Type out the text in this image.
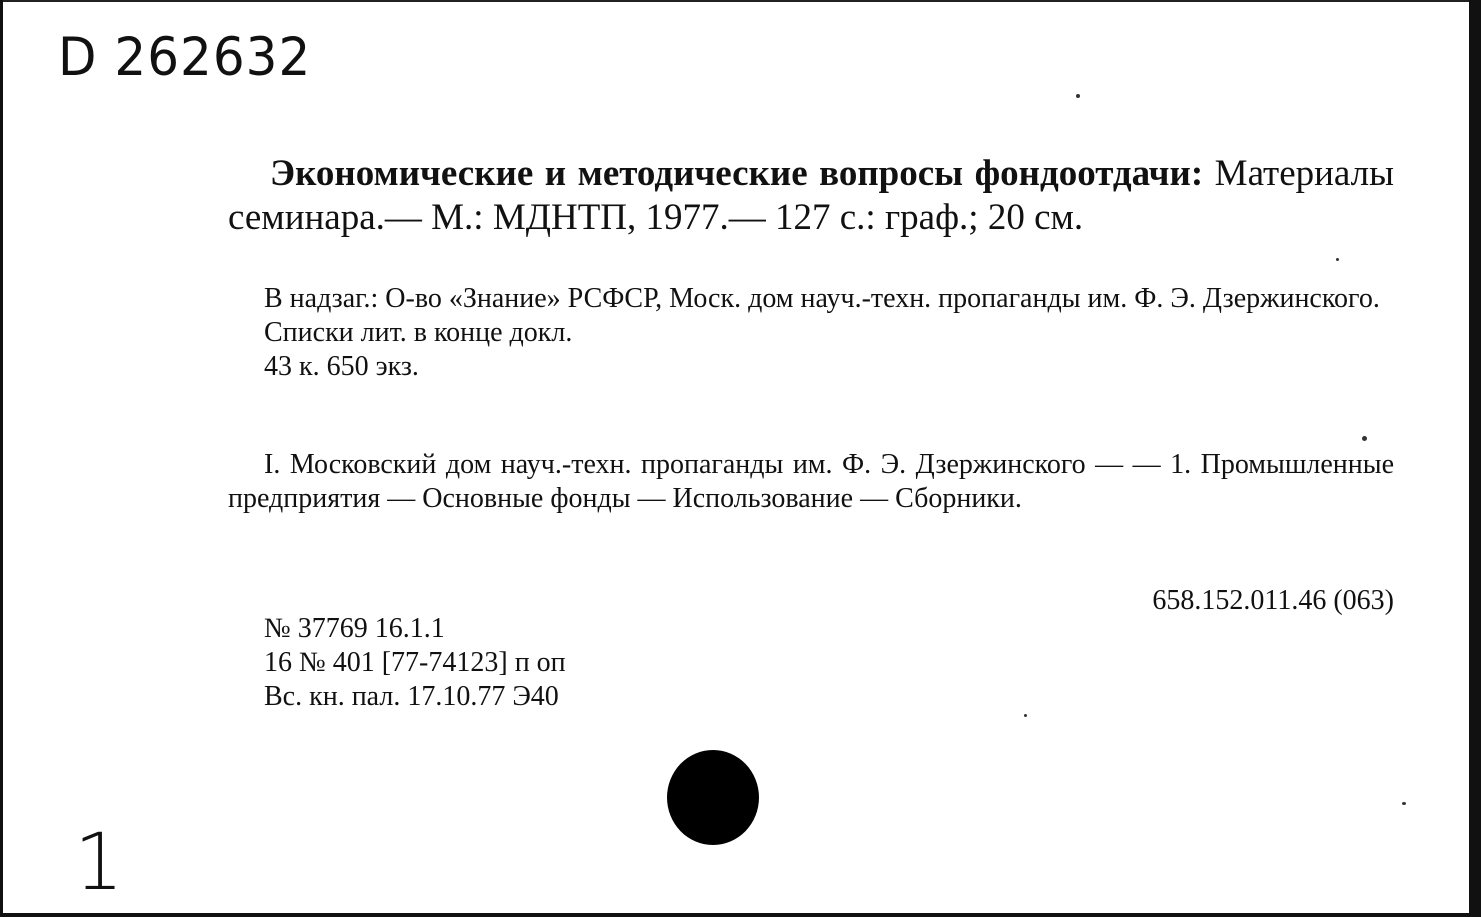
D 262632
Экономические и методические вопросы фондоотдачи: Материалы семинара.— М.: МДНТП, 1977.— 127 с.: граф.; 20 см.

В надзаг.: О-во «Знание» РСФСР, Моск. дом науч.-техн. пропаганды им. Ф. Э. Дзержинского.

Списки лит. в конце докл.

43 к. 650 экз.

I. Московский дом науч.-техн. пропаганды им. Ф. Э. Дзержинского — — 1. Промышленные предприятия — Основные фонды — Использование — Сборники.

658.152.011.46 (063)

№ 37769 16.1.1

16 № 401 [77-74123] п оп

Вс. кн. пал. 17.10.77 Э40

1
